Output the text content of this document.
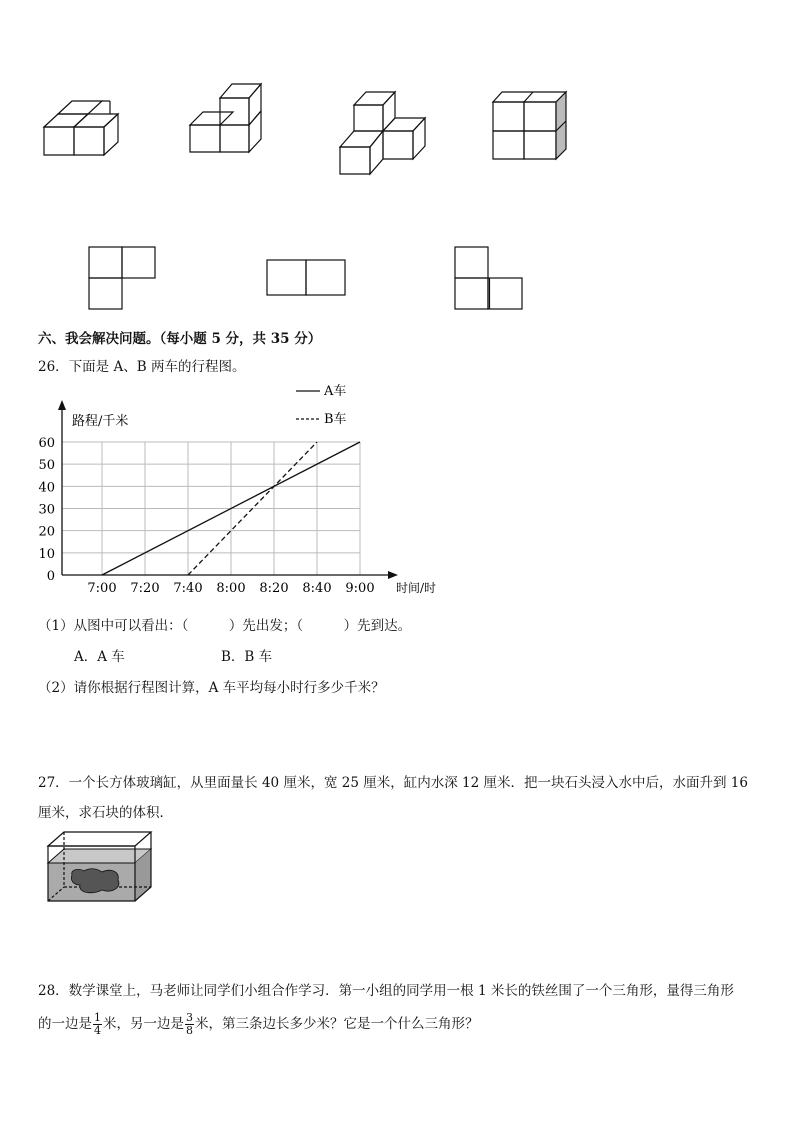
六、我会解决问题。（每小题 5 分，共 35 分）
26．下面是 A、B 两车的行程图。
0
10
20
30
40
50
60
7:00 7:20 7:40 8:00 8:20 8:40 9:00
A车
B车
路程/千米
时间/时
（1）从图中可以看出：（　　　）先出发；（　　　）先到达。
A．A 车	B．B 车
（2）请你根据行程图计算，A 车平均每小时行多少千米？
27．一个长方体玻璃缸，从里面量长 40 厘米，宽 25 厘米，缸内水深 12 厘米．把一块石头浸入水中后，水面升到 16
厘米，求石块的体积．
28．数学课堂上，马老师让同学们小组合作学习．第一小组的同学用一根 1 米长的铁丝围了一个三角形，量得三角形
的一边是 $\frac{1}{4}$ 米，另一边是 $\frac{3}{8}$ 米，第三条边长多少米？它是一个什么三角形？
